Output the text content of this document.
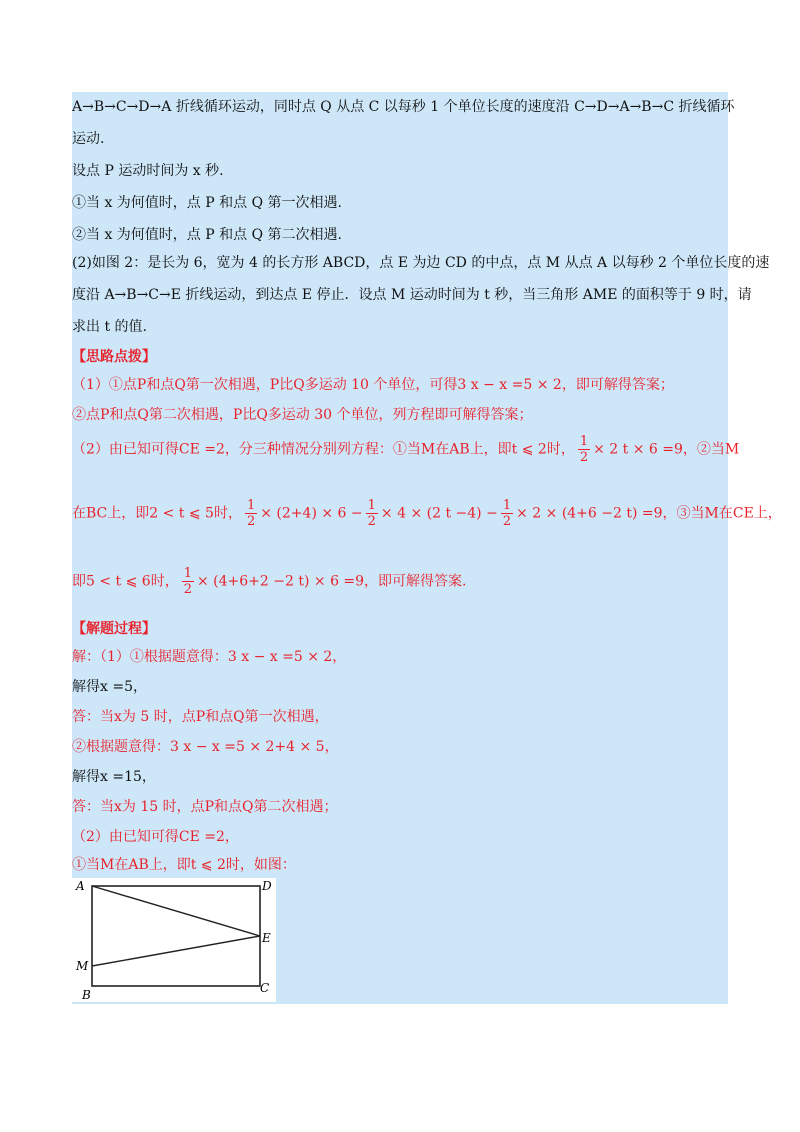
A→B→C→D→A 折线循环运动，同时点 Q 从点 C 以每秒 1 个单位长度的速度沿 C→D→A→B→C 折线循环
运动.
设点 P 运动时间为 x 秒.
①当 x 为何值时，点 P 和点 Q 第一次相遇.
②当 x 为何值时，点 P 和点 Q 第二次相遇.
(2)如图 2：是长为 6，宽为 4 的长方形 ABCD，点 E 为边 CD 的中点，点 M 从点 A 以每秒 2 个单位长度的速
度沿 A→B→C→E 折线运动，到达点 E 停止．设点 M 运动时间为 t 秒，当三角形 AME 的面积等于 9 时，请
求出 t 的值.
【思路点拨】
（1）①点P和点Q第一次相遇，P比Q多运动 10 个单位，可得3 x − x =5 × 2，即可解得答案；
②点P和点Q第二次相遇，P比Q多运动 30 个单位，列方程即可解得答案；
（2）由已知可得CE =2，分三种情况分别列方程：①当M在AB上，即t ⩽ 2时， $\frac{1}{2} \times 2$ t × 6 =9，②当M
在BC上，即2 < t ⩽ 5时， $\frac{1}{2} \times (2+4) \times 6 - \frac{1}{2} \times 4 \times (2$ $t -4) - \frac{1}{2} \times 2 \times (4+6 -2$ t) =9，③当M在CE上，
即5 < t ⩽ 6时， $\frac{1}{2} \times (4+6+2 -2$ t) × 6 =9，即可解得答案.
【解题过程】
解：（1）①根据题意得：3 x − x =5 × 2，
解得x =5，
答：当x为 5 时，点P和点Q第一次相遇，
②根据题意得：3 x − x =5 × 2+4 × 5，
解得x =15，
答：当x为 15 时，点P和点Q第二次相遇；
（2）由已知可得CE =2，
①当M在AB上，即t ⩽ 2时，如图：
A	D
E
M
B	C
